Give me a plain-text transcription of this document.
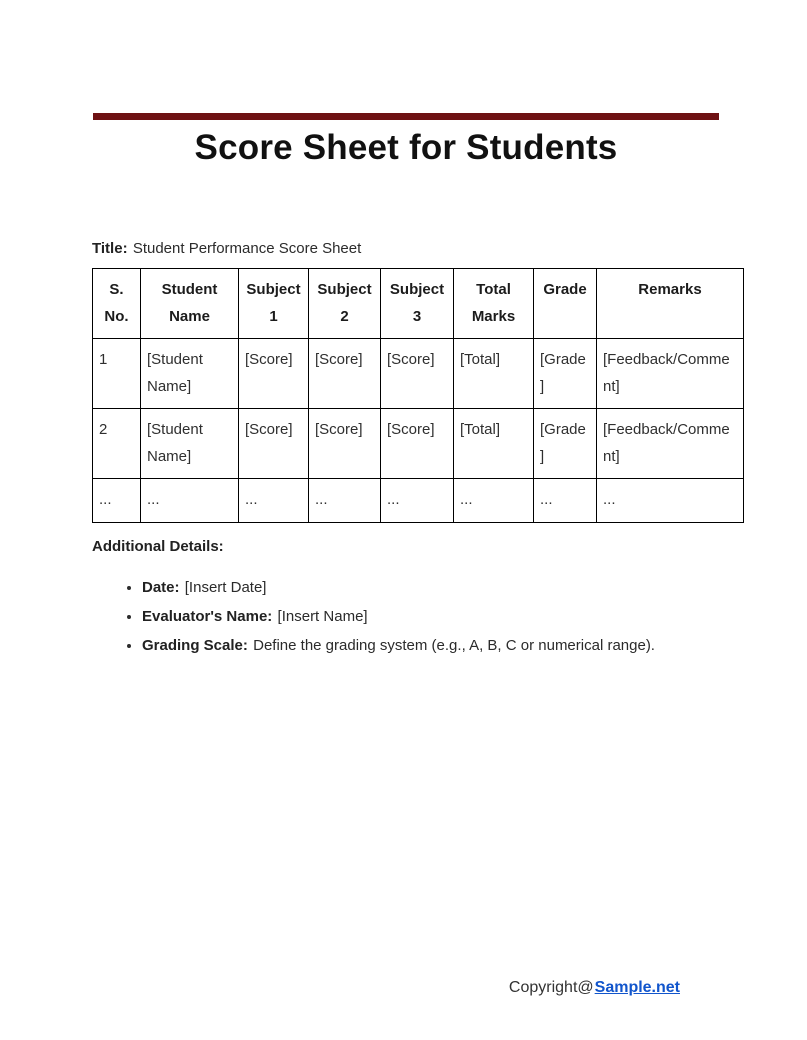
Score Sheet for Students

Title: Student Performance Score Sheet

S. No.	Student Name	Subject 1	Subject 2	Subject 3	Total Marks	Grade	Remarks
1	[Student Name]	[Score]	[Score]	[Score]	[Total]	[Grade]	[Feedback/Comment]
2	[Student Name]	[Score]	[Score]	[Score]	[Total]	[Grade]	[Feedback/Comment]
...	...	...	...	...	...	...	...

Additional Details:

• Date: [Insert Date]
• Evaluator's Name: [Insert Name]
• Grading Scale: Define the grading system (e.g., A, B, C or numerical range).
Copyright@Sample.net
